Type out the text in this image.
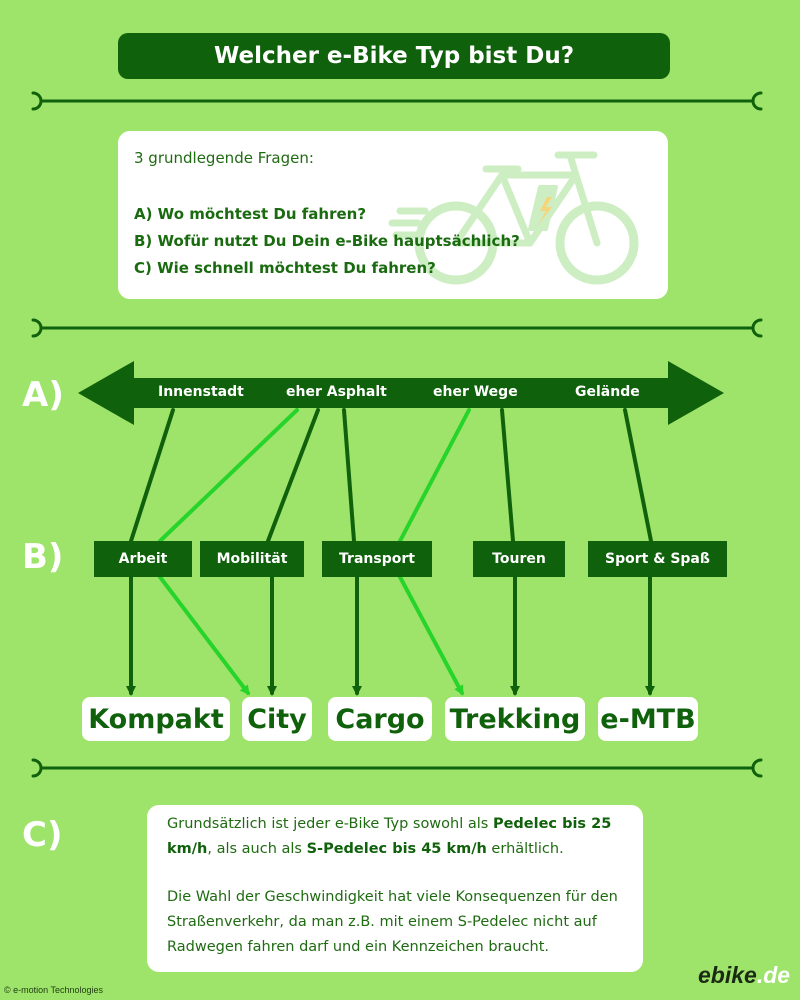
Welcher e-Bike Typ bist Du?
3 grundlegende Fragen:
A) Wo möchtest Du fahren?
B) Wofür nutzt Du Dein e-Bike hauptsächlich?
C) Wie schnell möchtest Du fahren?
A)
B)
C)
Innenstadt	eher Asphalt	eher Wege	Gelände
Arbeit	Mobilität	Transport	Touren	Sport & Spaß
Kompakt City Cargo Trekking e-MTB
Grundsätzlich ist jeder e-Bike Typ sowohl als Pedelec bis 25 km/h, als auch als S-Pedelec bis 45 km/h erhältlich.
Die Wahl der Geschwindigkeit hat viele Konsequenzen für den Straßenverkehr, da man z.B. mit einem S-Pedelec nicht auf Radwegen fahren darf und ein Kennzeichen braucht.
© e-motion Technologies
ebike.de
